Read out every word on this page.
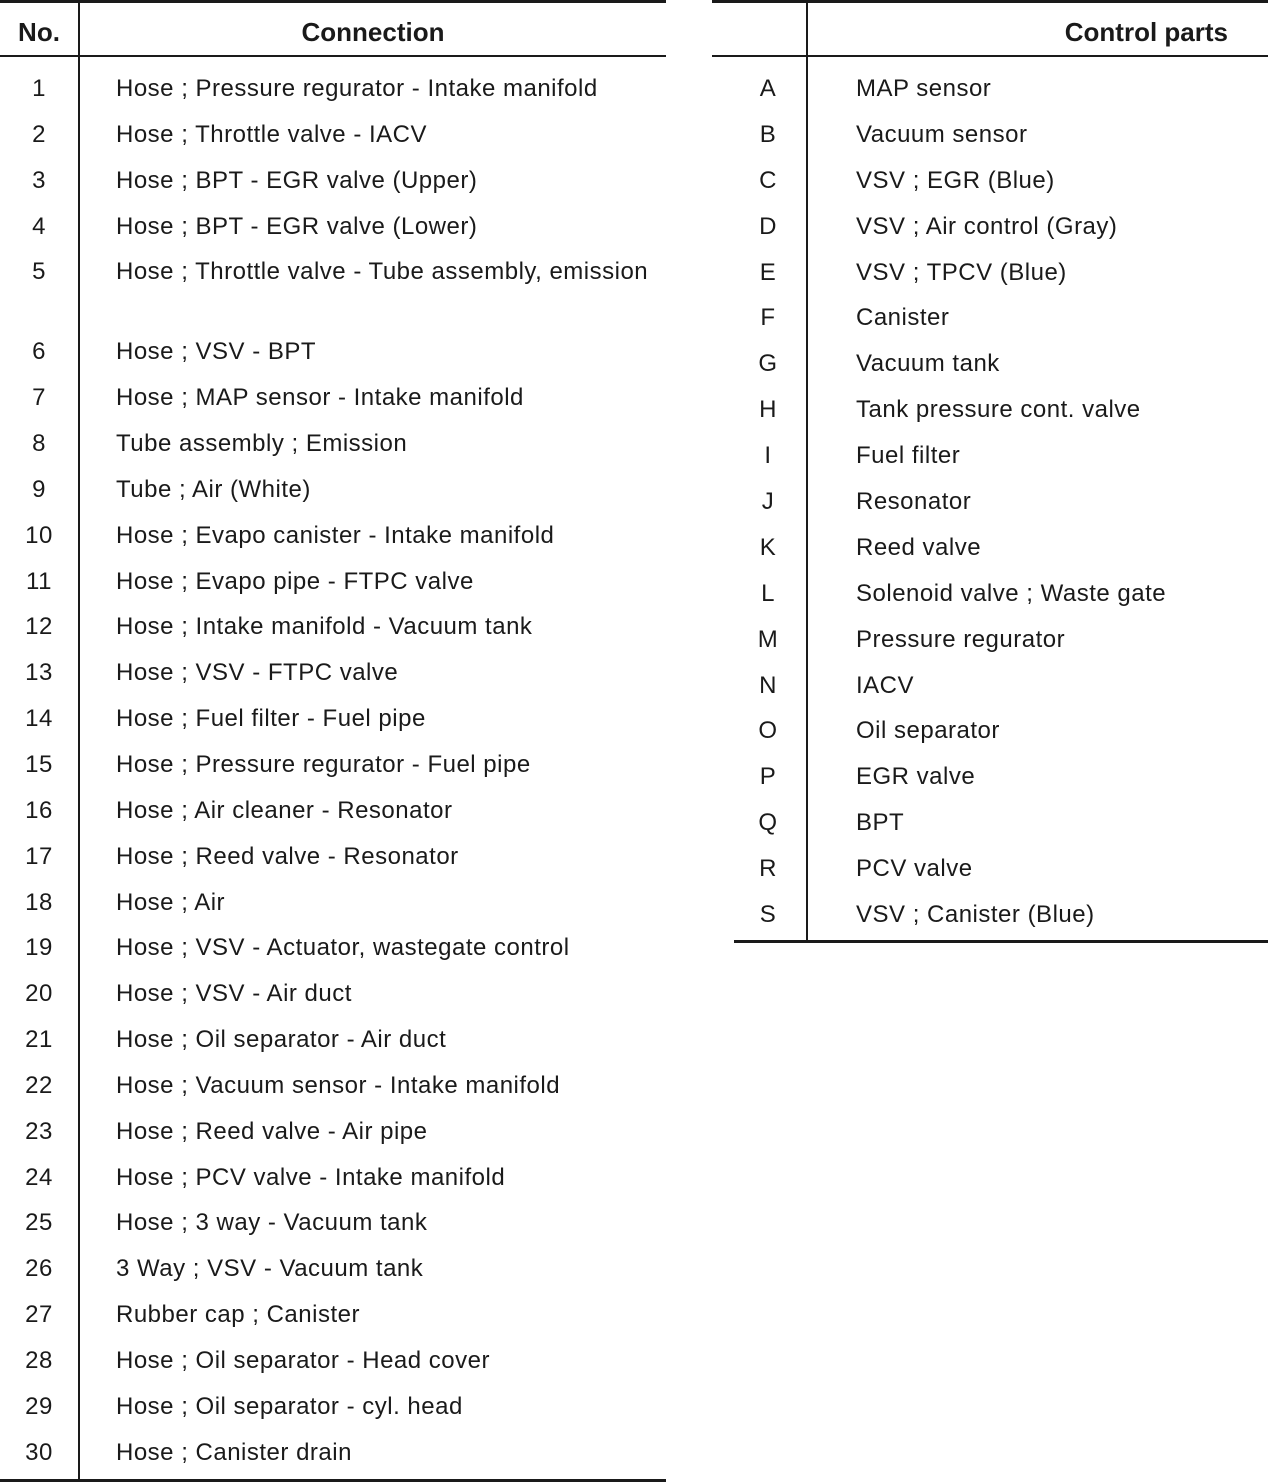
No.	Connection
1	Hose ; Pressure regurator - Intake manifold
2	Hose ; Throttle valve - IACV
3	Hose ; BPT - EGR valve (Upper)
4	Hose ; BPT - EGR valve (Lower)
5	Hose ; Throttle valve - Tube assembly, emission
6	Hose ; VSV - BPT
7	Hose ; MAP sensor - Intake manifold
8	Tube assembly ; Emission
9	Tube ; Air (White)
10	Hose ; Evapo canister - Intake manifold
11	Hose ; Evapo pipe - FTPC valve
12	Hose ; Intake manifold - Vacuum tank
13	Hose ; VSV - FTPC valve
14	Hose ; Fuel filter - Fuel pipe
15	Hose ; Pressure regurator - Fuel pipe
16	Hose ; Air cleaner - Resonator
17	Hose ; Reed valve - Resonator
18	Hose ; Air
19	Hose ; VSV - Actuator, wastegate control
20	Hose ; VSV - Air duct
21	Hose ; Oil separator - Air duct
22	Hose ; Vacuum sensor - Intake manifold
23	Hose ; Reed valve - Air pipe
24	Hose ; PCV valve - Intake manifold
25	Hose ; 3 way - Vacuum tank
26	3 Way ; VSV - Vacuum tank
27	Rubber cap ; Canister
28	Hose ; Oil separator - Head cover
29	Hose ; Oil separator - cyl. head
30	Hose ; Canister drain
Control parts
A	MAP sensor
B	Vacuum sensor
C	VSV ; EGR (Blue)
D	VSV ; Air control (Gray)
E	VSV ; TPCV (Blue)
F	Canister
G	Vacuum tank
H	Tank pressure cont. valve
I	Fuel filter
J	Resonator
K	Reed valve
L	Solenoid valve ; Waste gate
M	Pressure regurator
N	IACV
O	Oil separator
P	EGR valve
Q	BPT
R	PCV valve
S	VSV ; Canister (Blue)
